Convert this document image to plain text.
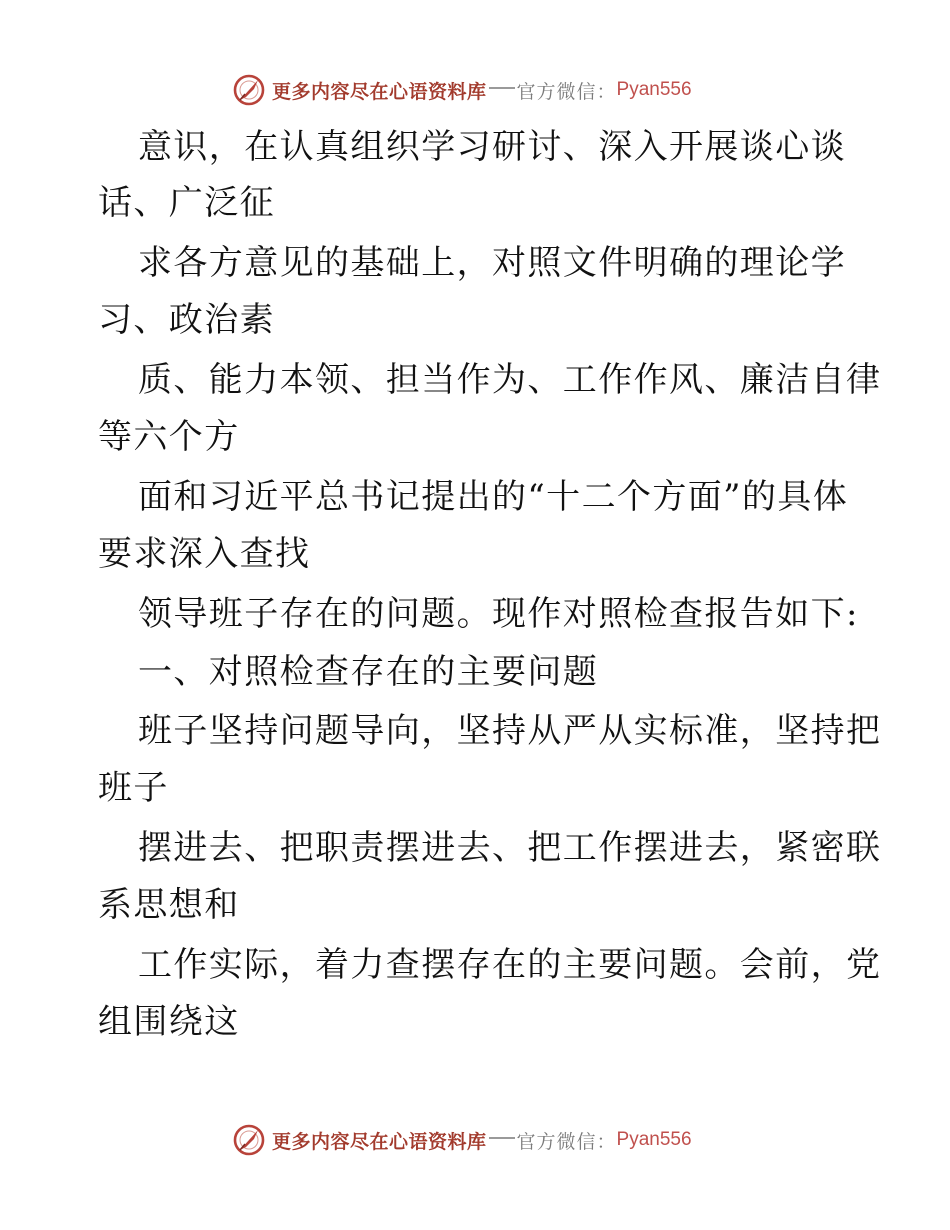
更多内容尽在心语资料库 官方微信： Pyan556
意识，在认真组织学习研讨、深入开展谈心谈
话、广泛征
求各方意见的基础上，对照文件明确的理论学
习、政治素
质、能力本领、担当作为、工作作风、廉洁自律
等六个方
面和习近平总书记提出的“十二个方面”的具体
要求深入查找
领导班子存在的问题。现作对照检查报告如下:
一、对照检查存在的主要问题
班子坚持问题导向，坚持从严从实标准，坚持把
班子
摆进去、把职责摆进去、把工作摆进去，紧密联
系思想和
工作实际，着力查摆存在的主要问题。会前，党
组围绕这
更多内容尽在心语资料库 官方微信： Pyan556
